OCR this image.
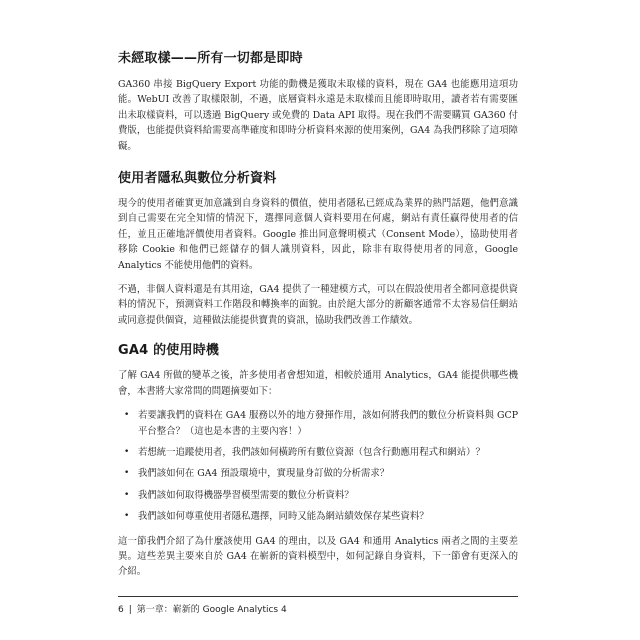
未經取樣——所有一切都是即時

GA360 串接 BigQuery Export 功能的動機是獲取未取樣的資料，現在 GA4 也能應用這項功能。WebUI 改善了取樣限制，不過，底層資料永遠是未取樣而且能即時取用，讀者若有需要匯出未取樣資料，可以透過 BigQuery 或免費的 Data API 取得。現在我們不需要購買 GA360 付費版，也能提供資料給需要高準確度和即時分析資料來源的使用案例，GA4 為我們移除了這項障礙。

使用者隱私與數位分析資料

現今的使用者確實更加意識到自身資料的價值，使用者隱私已經成為業界的熱門話題，他們意識到自己需要在完全知情的情況下，選擇同意個人資料要用在何處，網站有責任贏得使用者的信任，並且正確地評價使用者資料。Google 推出同意聲明模式（Consent Mode），協助使用者移除 Cookie 和他們已經儲存的個人識別資料，因此，除非有取得使用者的同意，Google Analytics 不能使用他們的資料。

不過，非個人資料還是有其用途，GA4 提供了一種建模方式，可以在假設使用者全都同意提供資料的情況下，預測資料工作階段和轉換率的面貌。由於絕大部分的新顧客通常不太容易信任網站或同意提供個資，這種做法能提供寶貴的資訊，協助我們改善工作績效。

GA4 的使用時機

了解 GA4 所做的變革之後，許多使用者會想知道，相較於通用 Analytics，GA4 能提供哪些機會，本書將大家常問的問題摘要如下：

• 若要讓我們的資料在 GA4 服務以外的地方發揮作用，該如何將我們的數位分析資料與 GCP 平台整合？（這也是本書的主要內容！）
• 若想統一追蹤使用者，我們該如何橫跨所有數位資源（包含行動應用程式和網站）？
• 我們該如何在 GA4 預設環境中，實現量身訂做的分析需求？
• 我們該如何取得機器學習模型需要的數位分析資料？
• 我們該如何尊重使用者隱私選擇，同時又能為網站績效保存某些資料？

這一節我們介紹了為什麼該使用 GA4 的理由，以及 GA4 和通用 Analytics 兩者之間的主要差異。這些差異主要來自於 GA4 在嶄新的資料模型中，如何記錄自身資料，下一節會有更深入的介紹。

6 | 第一章：嶄新的 Google Analytics 4
